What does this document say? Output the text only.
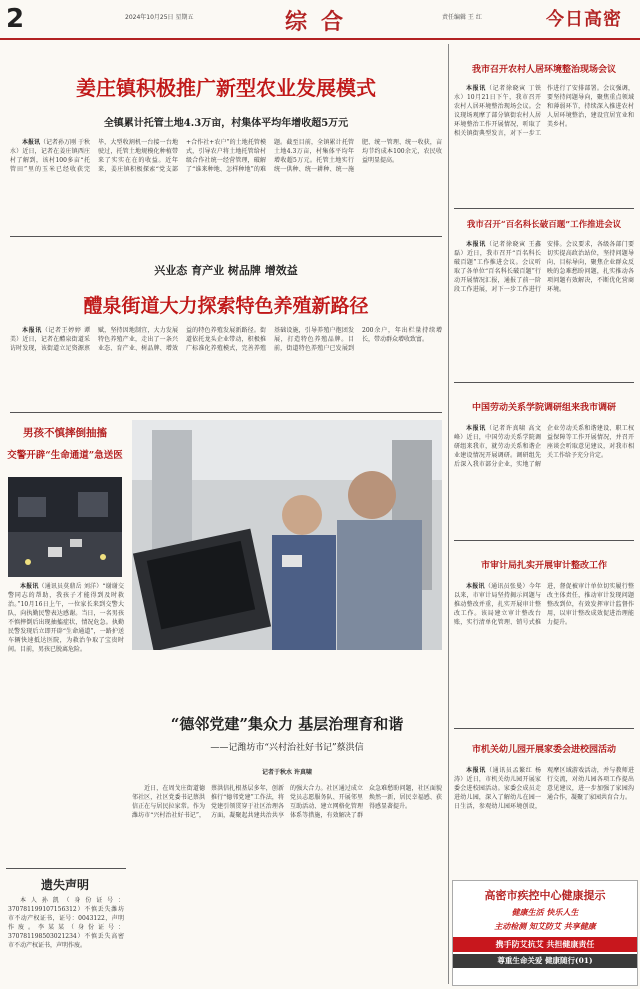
2	2024年10月25日 星期五	综合	责任编辑 王 红	今日高密
姜庄镇积极推广新型农业发展模式
全镇累计托管土地4.3万亩，村集体平均年增收超5万元

本报讯（记者孙万刚 于秋水）近日，记者在姜庄镇西庄村了解到，该村100多亩“托管田”里的玉米已经收获完毕，大型收割机一台接一台地驶过，托管土地规模化种植带来了实实在在的收益。近年来，姜庄镇积极探索“党支部+合作社+农户”的土地托管模式，引导农户将土地托管给村级合作社统一经营管理，破解了“谁来种地、怎样种地”的难题。截至目前，全镇累计托管土地4.3万亩，村集体平均年增收超5万元。托管土地实行统一供种、统一耕种、统一施肥、统一管理、统一收获，亩均节约成本100余元，农民收益明显提高。

兴业态 育产业 树品牌 增效益
醴泉街道大力探索特色养殖新路径

本报讯（记者王婷婷 谭美）近日，记者在醴泉街道采访时发现，该街道立足资源禀赋，坚持因地制宜，大力发展特色养殖产业，走出了一条兴业态、育产业、树品牌、增效益的特色养殖发展新路径。街道依托龙头企业带动，积极推广标准化养殖模式，完善养殖基础设施，引导养殖户抱团发展，打造特色养殖品牌。目前，街道特色养殖户已发展到200余户，年出栏量持续增长，带动群众增收致富。

男孩不慎摔倒抽搐
交警开辟“生命通道”急送医

本报讯（通讯员莫鼎岳 刘洋）“谢谢交警同志的帮助，我孩子才能得到及时救治。”10月16日上午，一位家长来到交警大队，向执勤民警表达感谢。当日，一名男孩不慎摔倒后出现抽搐症状，情况危急。执勤民警发现后立即开辟“生命通道”，一路护送车辆快速抵达医院，为救治争取了宝贵时间。目前，男孩已脱离危险。

遗失声明

本人孙凯（身份证号：370781199107156312）不慎丢失潍坊市不动产权证书，证号：0043122，声明作废。李某某（身份证号：370781198503021234）不慎丢失高密市不动产权证书，声明作废。

“德邻党建”集众力 基层治理育和谐
——记潍坊市“兴村治社好书记”蔡洪信
记者于秋水 许真啸

近日，在周戈庄街道德邻社区，社区党委书记蔡洪信正在与居民拉家常。作为潍坊市“兴村治社好书记”，蔡洪信扎根基层多年，创新推行“德邻党建”工作法，将党建引领贯穿于社区治理各方面，凝聚起共建共治共享的强大合力。社区通过成立党员志愿服务队、开展邻里互助活动、建立网格化管理体系等措施，有效解决了群众急难愁盼问题，社区面貌焕然一新，居民幸福感、获得感显著提升。

我市召开农村人居环境整治现场会议

本报讯（记者徐晓寅 丁铁水）10月21日下午，我市召开农村人居环境整治现场会议。会议现场观摩了部分镇街农村人居环境整治工作开展情况，听取了相关镇街典型发言，对下一步工作进行了安排部署。会议强调，要坚持问题导向，聚焦重点领域和薄弱环节，持续深入推进农村人居环境整治，建设宜居宜业和美乡村。

我市召开“百名科长破百题”工作推进会议

本报讯（记者徐晓寅 王鑫磊）近日，我市召开“百名科长破百题”工作推进会议。会议听取了各单位“百名科长破百题”行动开展情况汇报，通报了前一阶段工作进展，对下一步工作进行安排。会议要求，各级各部门要切实提高政治站位，坚持问题导向、目标导向，聚焦企业群众反映的急难愁盼问题，扎实推动各项问题有效解决，不断优化营商环境。

中国劳动关系学院调研组来我市调研

本报讯（记者许真啸 高文峰）近日，中国劳动关系学院调研组来我市，就劳动关系和谐企业建设情况开展调研。调研组先后深入我市部分企业，实地了解企业劳动关系和谐建设、职工权益保障等工作开展情况，并召开座谈会听取意见建议，对我市相关工作给予充分肯定。

市审计局扎实开展审计整改工作

本报讯（通讯员张曼）今年以来，市审计局坚持揭示问题与推动整改并重，扎实开展审计整改工作。该局建立审计整改台账，实行清单化管理、销号式推进，督促被审计单位切实履行整改主体责任，推动审计发现问题整改到位，有效发挥审计监督作用，以审计整改成效促进治理能力提升。

市机关幼儿园开展家委会进校园活动

本报讯（通讯员孟繁红 杨涛）近日，市机关幼儿园开展家委会进校园活动。家委会成员走进幼儿园，深入了解幼儿在园一日生活，参观幼儿园环境创设，观摩区域游戏活动，并与教师进行交流，对幼儿园各项工作提出意见建议，进一步加强了家园沟通合作，凝聚了家园共育合力。

高密市疾控中心健康提示
健康生活 快乐人生
主动检测 知艾防艾 共享健康
携手防艾抗艾 共担健康责任
尊重生命关爱 健康随行(01)
